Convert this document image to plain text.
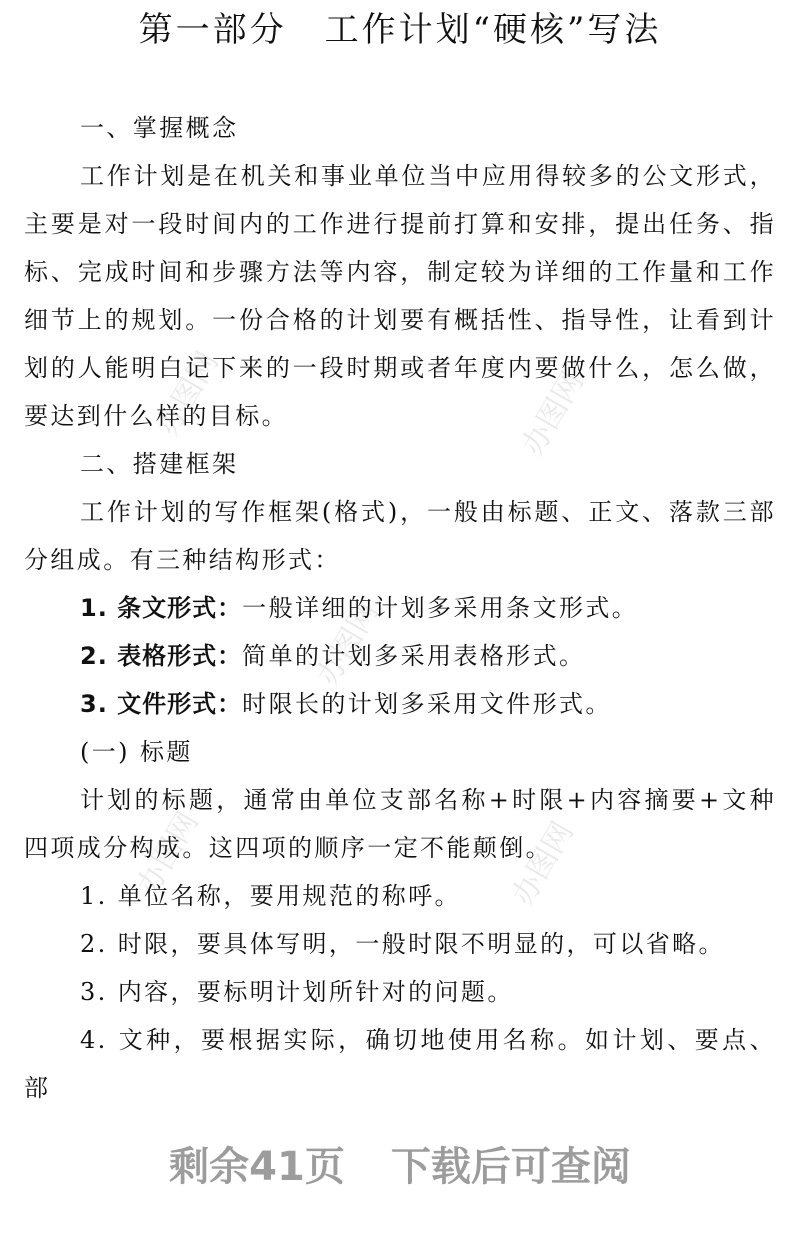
办图网	办图网
办图网
办图网	办图网
第一部分 工作计划“硬核”写法

一、掌握概念

工作计划是在机关和事业单位当中应用得较多的公文形式，主要是对一段时间内的工作进行提前打算和安排，提出任务、指标、完成时间和步骤方法等内容，制定较为详细的工作量和工作细节上的规划。一份合格的计划要有概括性、指导性，让看到计划的人能明白记下来的一段时期或者年度内要做什么，怎么做，要达到什么样的目标。

二、搭建框架

工作计划的写作框架(格式)，一般由标题、正文、落款三部分组成。有三种结构形式：

1. 条文形式：一般详细的计划多采用条文形式。

2. 表格形式：简单的计划多采用表格形式。

3. 文件形式：时限长的计划多采用文件形式。

(一) 标题

计划的标题，通常由单位支部名称+时限+内容摘要+文种四项成分构成。这四项的顺序一定不能颠倒。

1. 单位名称，要用规范的称呼。

2. 时限，要具体写明，一般时限不明显的，可以省略。

3. 内容，要标明计划所针对的问题。

4. 文种，要根据实际，确切地使用名称。如计划、要点、部

剩余41页 下载后可查阅
